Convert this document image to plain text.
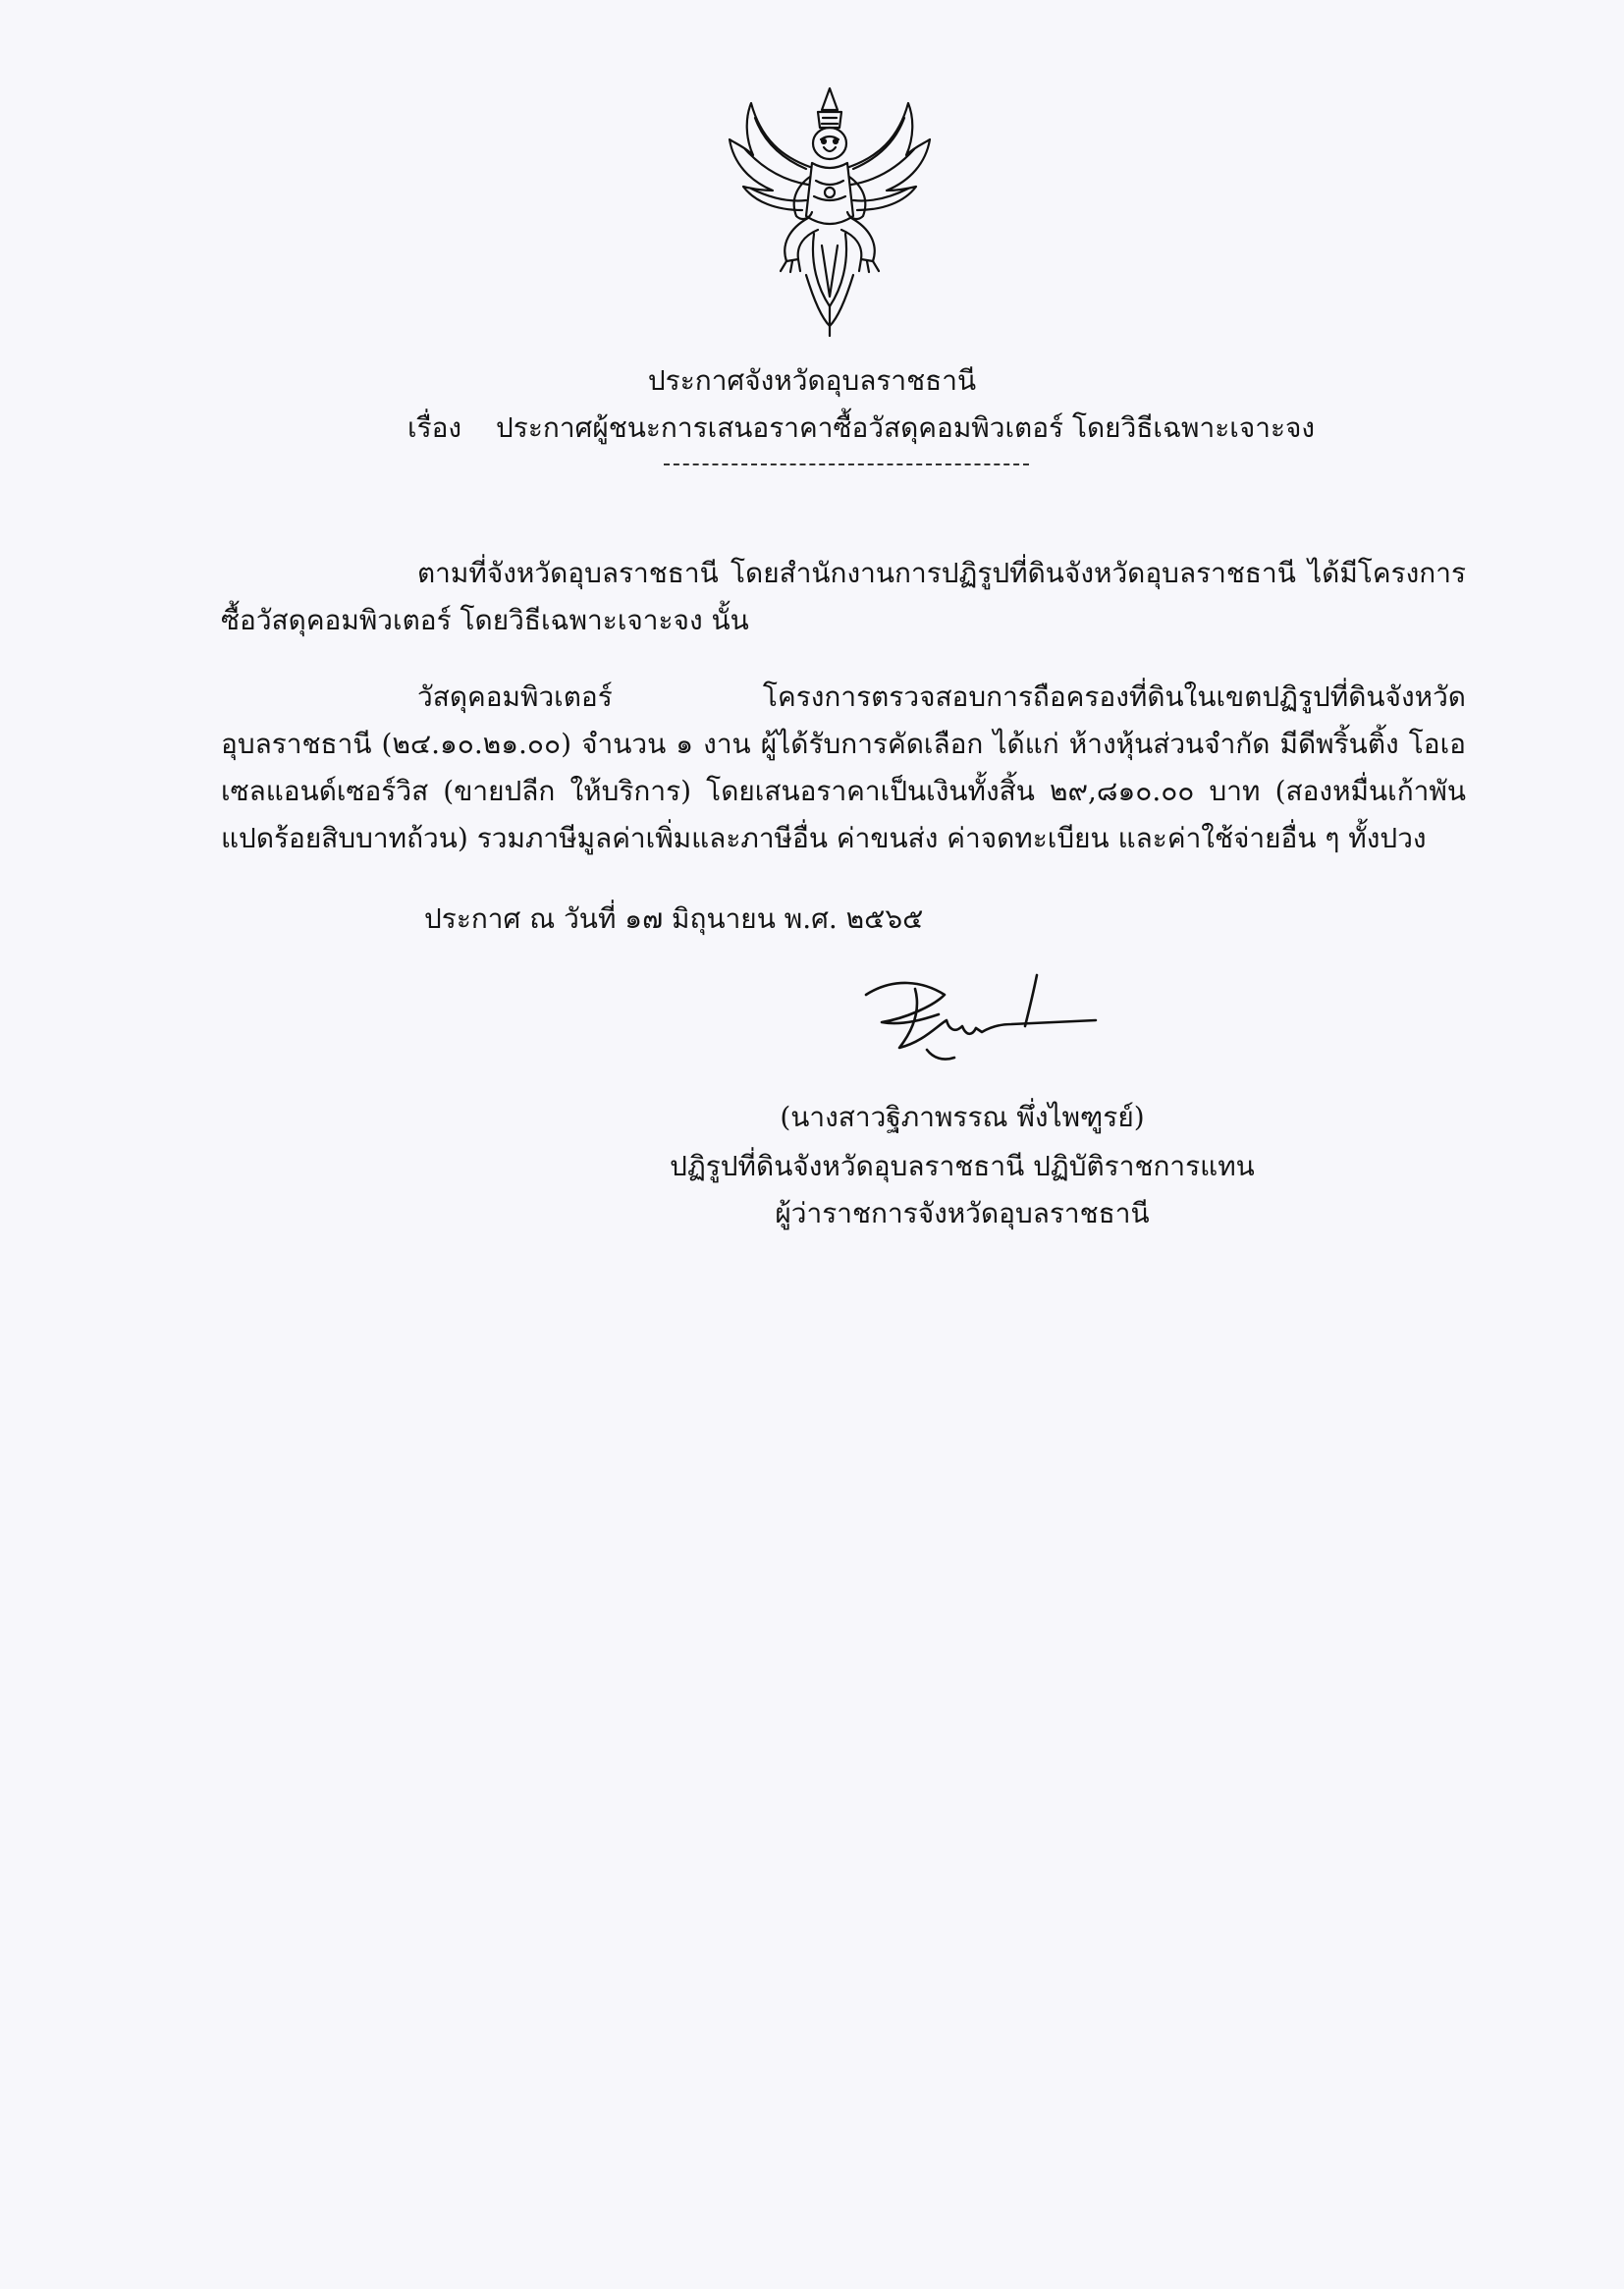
ประกาศจังหวัดอุบลราชธานี
เรื่อง ประกาศผู้ชนะการเสนอราคาซื้อวัสดุคอมพิวเตอร์ โดยวิธีเฉพาะเจาะจง
ตามที่จังหวัดอุบลราชธานี โดยสำนักงานการปฏิรูปที่ดินจังหวัดอุบลราชธานี ได้มีโครงการซื้อวัสดุคอมพิวเตอร์ โดยวิธีเฉพาะเจาะจง นั้น
วัสดุคอมพิวเตอร์ โครงการตรวจสอบการถือครองที่ดินในเขตปฏิรูปที่ดินจังหวัดอุบลราชธานี (๒๔.๑๐.๒๑.๐๐) จำนวน ๑ งาน ผู้ได้รับการคัดเลือก ได้แก่ ห้างหุ้นส่วนจำกัด มีดีพริ้นติ้ง โอเอเซลแอนด์เซอร์วิส (ขายปลีก ให้บริการ) โดยเสนอราคาเป็นเงินทั้งสิ้น ๒๙,๘๑๐.๐๐ บาท (สองหมื่นเก้าพันแปดร้อยสิบบาทถ้วน) รวมภาษีมูลค่าเพิ่มและภาษีอื่น ค่าขนส่ง ค่าจดทะเบียน และค่าใช้จ่ายอื่น ๆ ทั้งปวง
ประกาศ ณ วันที่ ๑๗ มิถุนายน พ.ศ. ๒๕๖๕
(นางสาวฐิภาพรรณ พึ่งไพฑูรย์)
ปฏิรูปที่ดินจังหวัดอุบลราชธานี ปฏิบัติราชการแทน
ผู้ว่าราชการจังหวัดอุบลราชธานี
